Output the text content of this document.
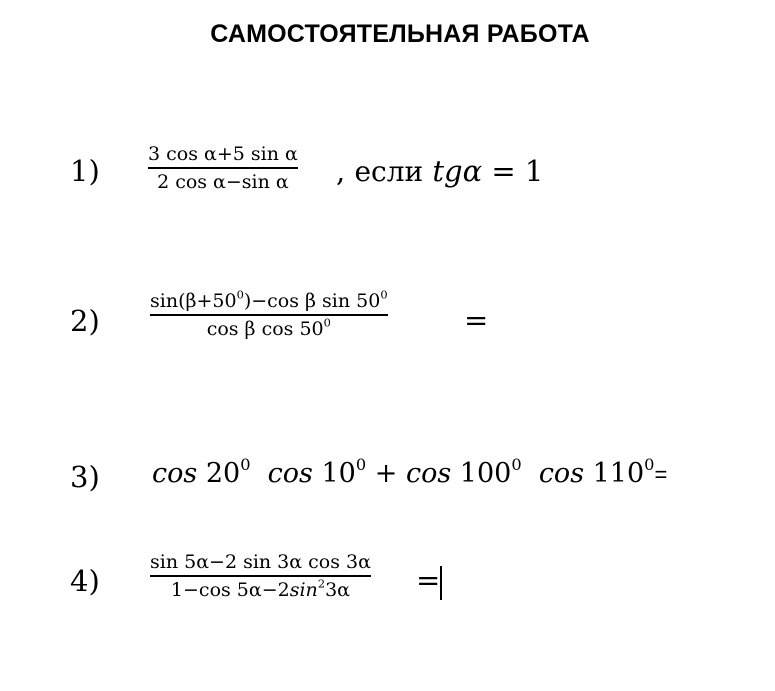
САМОСТОЯТЕЛЬНАЯ РАБОТА
1)	3 cos α+5 sin α
2 cos α−sin α , если tgα = 1
2)
$\sin(\beta+50^0)-\cos$ β $\sin 50^0$
cos β $\cos 50^0$	=
3) $\cos 20^0$ $\cos 10^0 + \cos 100^0$ $\cos 110^0=$
4)
sin 5α−2 sin 3α cos 3α
1−cos $5\alpha-2\sin^23\alpha$ =
